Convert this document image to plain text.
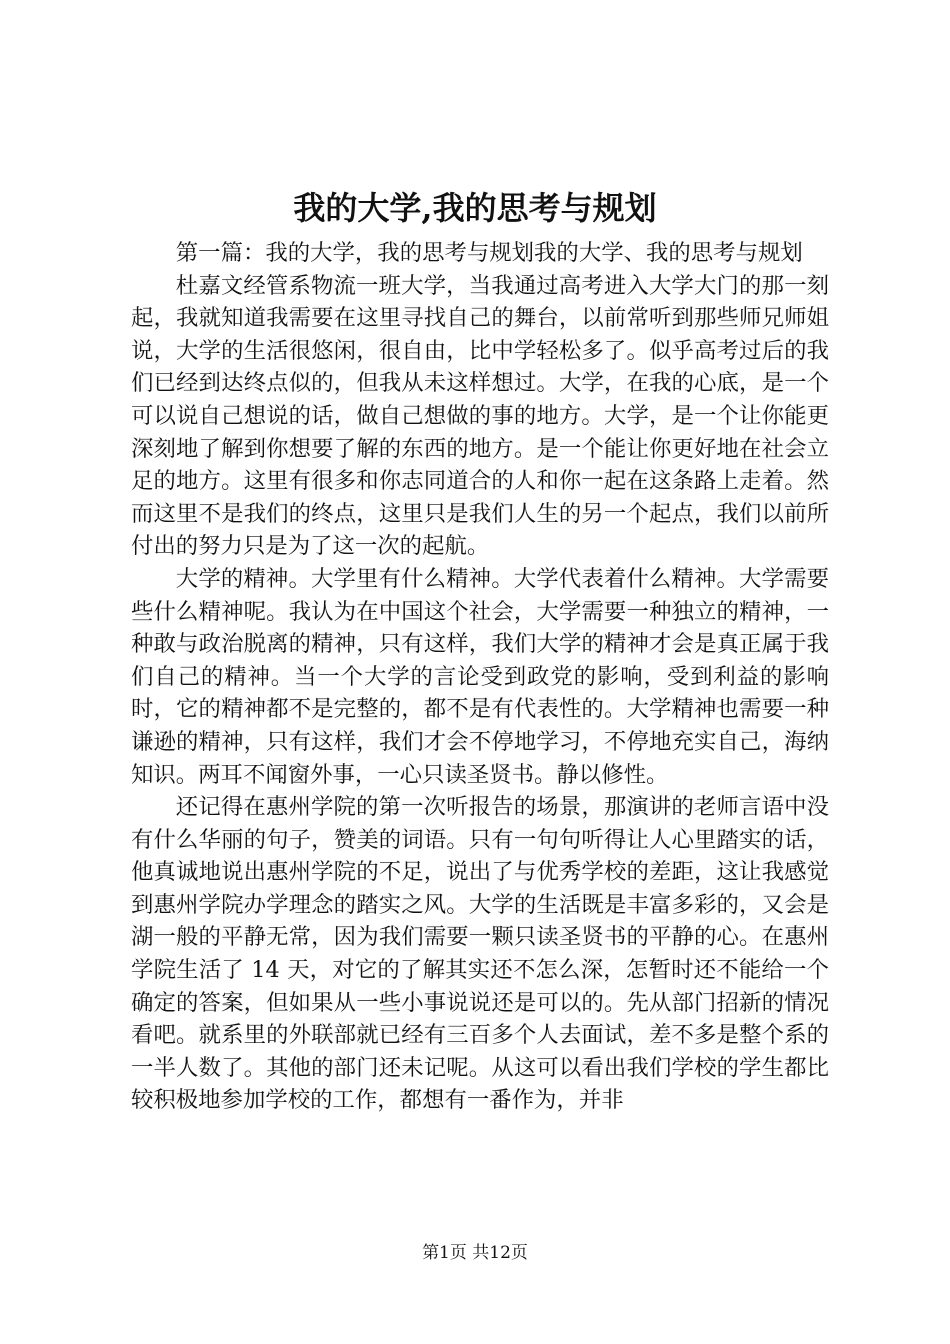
我的大学,我的思考与规划

第一篇：我的大学，我的思考与规划我的大学、我的思考与规划

杜嘉文经管系物流一班大学，当我通过高考进入大学大门的那一刻起，我就知道我需要在这里寻找自己的舞台，以前常听到那些师兄师姐说，大学的生活很悠闲，很自由，比中学轻松多了。似乎高考过后的我们已经到达终点似的，但我从未这样想过。大学，在我的心底，是一个可以说自己想说的话，做自己想做的事的地方。大学，是一个让你能更深刻地了解到你想要了解的东西的地方。是一个能让你更好地在社会立足的地方。这里有很多和你志同道合的人和你一起在这条路上走着。然而这里不是我们的终点，这里只是我们人生的另一个起点，我们以前所付出的努力只是为了这一次的起航。

大学的精神。大学里有什么精神。大学代表着什么精神。大学需要些什么精神呢。我认为在中国这个社会，大学需要一种独立的精神，一种敢与政治脱离的精神，只有这样，我们大学的精神才会是真正属于我们自己的精神。当一个大学的言论受到政党的影响，受到利益的影响时，它的精神都不是完整的，都不是有代表性的。大学精神也需要一种谦逊的精神，只有这样，我们才会不停地学习，不停地充实自己，海纳知识。两耳不闻窗外事，一心只读圣贤书。静以修性。

还记得在惠州学院的第一次听报告的场景，那演讲的老师言语中没有什么华丽的句子，赞美的词语。只有一句句听得让人心里踏实的话，他真诚地说出惠州学院的不足，说出了与优秀学校的差距，这让我感觉到惠州学院办学理念的踏实之风。大学的生活既是丰富多彩的，又会是湖一般的平静无常，因为我们需要一颗只读圣贤书的平静的心。在惠州学院生活了 14 天，对它的了解其实还不怎么深，怎暂时还不能给一个确定的答案，但如果从一些小事说说还是可以的。先从部门招新的情况看吧。就系里的外联部就已经有三百多个人去面试，差不多是整个系的一半人数了。其他的部门还未记呢。从这可以看出我们学校的学生都比较积极地参加学校的工作，都想有一番作为，并非

第1页 共12页
